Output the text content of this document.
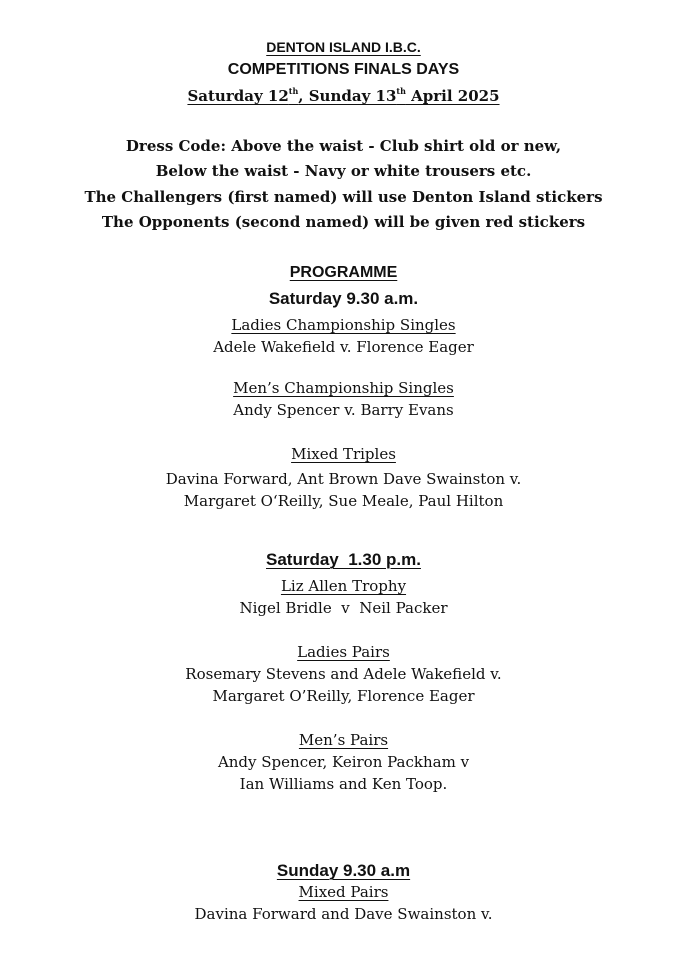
DENTON ISLAND I.B.C.
COMPETITIONS FINALS DAYS
Saturday 12th, Sunday 13th April 2025
Dress Code: Above the waist - Club shirt old or new,
Below the waist - Navy or white trousers etc.
The Challengers (first named) will use Denton Island stickers
The Opponents (second named) will be given red stickers
PROGRAMME
Saturday 9.30 a.m.
Ladies Championship Singles
Adele Wakefield v. Florence Eager
Men’s Championship Singles
Andy Spencer v. Barry Evans
Mixed Triples
Davina Forward, Ant Brown Dave Swainston v.
Margaret O‘Reilly, Sue Meale, Paul Hilton
Saturday  1.30 p.m.
Liz Allen Trophy
Nigel Bridle  v  Neil Packer
Ladies Pairs
Rosemary Stevens and Adele Wakefield v.
Margaret O’Reilly, Florence Eager
Men’s Pairs
Andy Spencer, Keiron Packham v
Ian Williams and Ken Toop.
Sunday 9.30 a.m
Mixed Pairs
Davina Forward and Dave Swainston v.
